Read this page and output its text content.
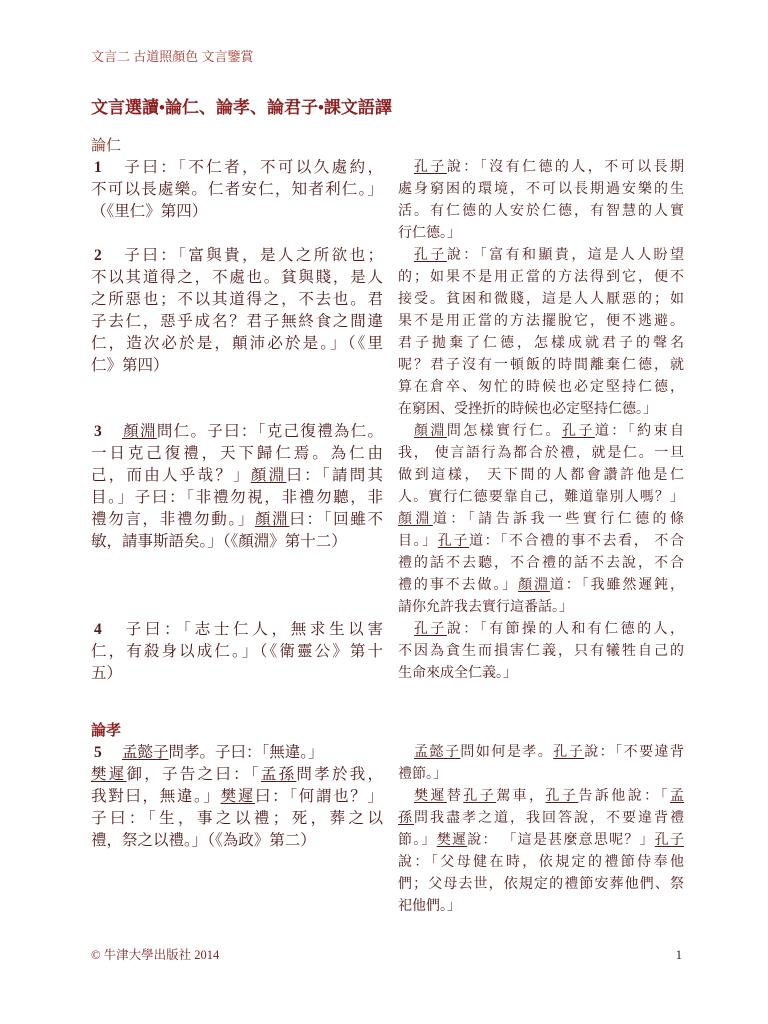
文言二 古道照顏色 文言鑒賞
文言選讀•論仁、論孝、論君子•課文語譯
論仁
1 子曰：「不仁者，不可以久處約，
不可以長處樂。仁者安仁，知者利仁。」
（《里仁》第四）
孔子說：「沒有仁德的人，不可以長期
處身窮困的環境，不可以長期過安樂的生
活。有仁德的人安於仁德，有智慧的人實
行仁德。」
2 子曰：「富與貴，是人之所欲也；
不以其道得之，不處也。貧與賤，是人
之所惡也；不以其道得之，不去也。君
子去仁，惡乎成名？君子無終食之間違
仁，造次必於是，顛沛必於是。」（《里
仁》第四）
孔子說：「富有和顯貴，這是人人盼望
的；如果不是用正當的方法得到它，便不
接受。貧困和微賤，這是人人厭惡的；如
果不是用正當的方法擺脫它，便不逃避。
君子拋棄了仁德，怎樣成就君子的聲名
呢？君子沒有一頓飯的時間離棄仁德，就
算在倉卒、匆忙的時候也必定堅持仁德，
在窮困、受挫折的時候也必定堅持仁德。」
3 顏淵問仁。子曰：「克己復禮為仁。
一日克己復禮，天下歸仁焉。為仁由
己，而由人乎哉？」顏淵曰：「請問其
目。」子曰：「非禮勿視，非禮勿聽，非
禮勿言，非禮勿動。」顏淵曰：「回雖不
敏，請事斯語矣。」（《顏淵》第十二）
顏淵問怎樣實行仁。孔子道：「約束自
我， 使言語行為都合於禮，就是仁。一旦
做到這樣， 天下間的人都會讚許他是仁
人。實行仁德要靠自己，難道靠別人嗎？」
顏淵道：「請告訴我一些實行仁德的條
目。」孔子道：「不合禮的事不去看， 不合
禮的話不去聽，不合禮的話不去說，不合
禮的事不去做。」顏淵道：「我雖然遲鈍，
請你允許我去實行這番話。」
4 子曰：「志士仁人，無求生以害
仁，有殺身以成仁。」（《衛靈公》第十
五）
孔子說：「有節操的人和有仁德的人，
不因為貪生而損害仁義，只有犧牲自己的
生命來成全仁義。」
論孝
5 孟懿子問孝。子曰：「無違。」
樊遲御，子告之曰：「孟孫問孝於我，
我對曰，無違。」樊遲曰：「何謂也？」
子曰：「生，事之以禮；死，葬之以
禮，祭之以禮。」（《為政》第二）
孟懿子問如何是孝。孔子說：「不要違背
禮節。」
樊遲替孔子駕車，孔子告訴他說：「孟
孫問我盡孝之道，我回答說，不要違背禮
節。」樊遲說： 「這是甚麼意思呢？」孔子
說：「父母健在時，依規定的禮節侍奉他
們；父母去世，依規定的禮節安葬他們、祭
祀他們。」
© 牛津大學出版社 2014	1
